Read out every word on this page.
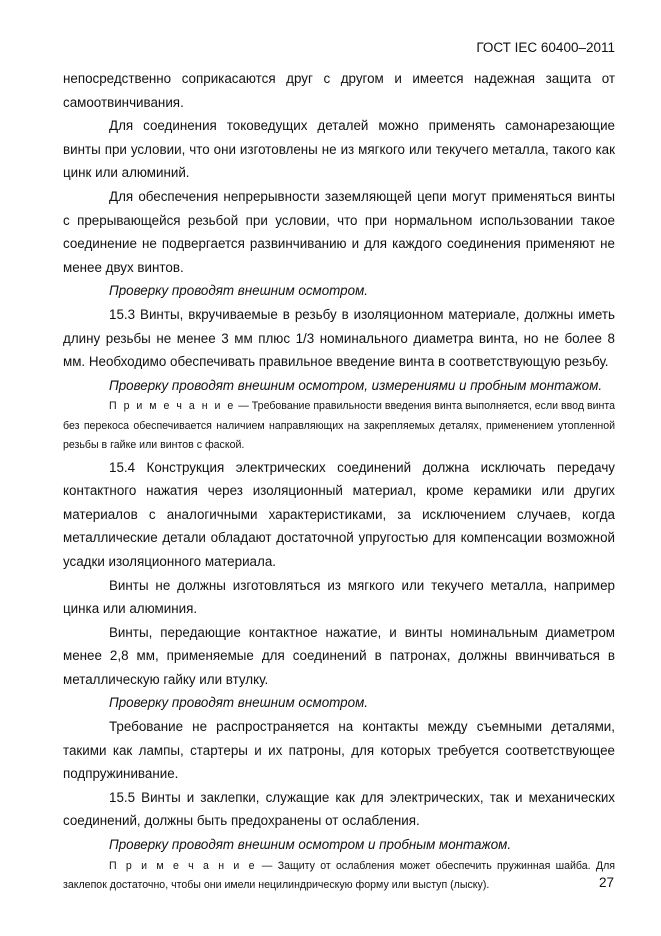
ГОСТ IEC 60400–2011

непосредственно соприкасаются друг с другом и имеется надежная защита от самоотвинчивания.

Для соединения токоведущих деталей можно применять самонарезающие винты при условии, что они изготовлены не из мягкого или текучего металла, такого как цинк или алюминий.

Для обеспечения непрерывности заземляющей цепи могут применяться винты с прерывающейся резьбой при условии, что при нормальном использовании такое соединение не подвергается развинчиванию и для каждого соединения применяют не менее двух винтов.

Проверку проводят внешним осмотром.

15.3 Винты, вкручиваемые в резьбу в изоляционном материале, должны иметь длину резьбы не менее 3 мм плюс 1/3 номинального диаметра винта, но не более 8 мм. Необходимо обеспечивать правильное введение винта в соответствующую резьбу.

Проверку проводят внешним осмотром, измерениями и пробным монтажом.

П р и м е ч а н и е — Требование правильности введения винта выполняется, если ввод винта без перекоса обеспечивается наличием направляющих на закрепляемых деталях, применением утопленной резьбы в гайке или винтов с фаской.

15.4 Конструкция электрических соединений должна исключать передачу контактного нажатия через изоляционный материал, кроме керамики или других материалов с аналогичными характеристиками, за исключением случаев, когда металлические детали обладают достаточной упругостью для компенсации возможной усадки изоляционного материала.

Винты не должны изготовляться из мягкого или текучего металла, например цинка или алюминия.

Винты, передающие контактное нажатие, и винты номинальным диаметром менее 2,8 мм, применяемые для соединений в патронах, должны ввинчиваться в металлическую гайку или втулку.

Проверку проводят внешним осмотром.

Требование не распространяется на контакты между съемными деталями, такими как лампы, стартеры и их патроны, для которых требуется соответствующее подпружинивание.

15.5 Винты и заклепки, служащие как для электрических, так и механических соединений, должны быть предохранены от ослабления.

Проверку проводят внешним осмотром и пробным монтажом.

П р и м е ч а н и е — Защиту от ослабления может обеспечить пружинная шайба. Для заклепок достаточно, чтобы они имели нецилиндрическую форму или выступ (лыску).	27
